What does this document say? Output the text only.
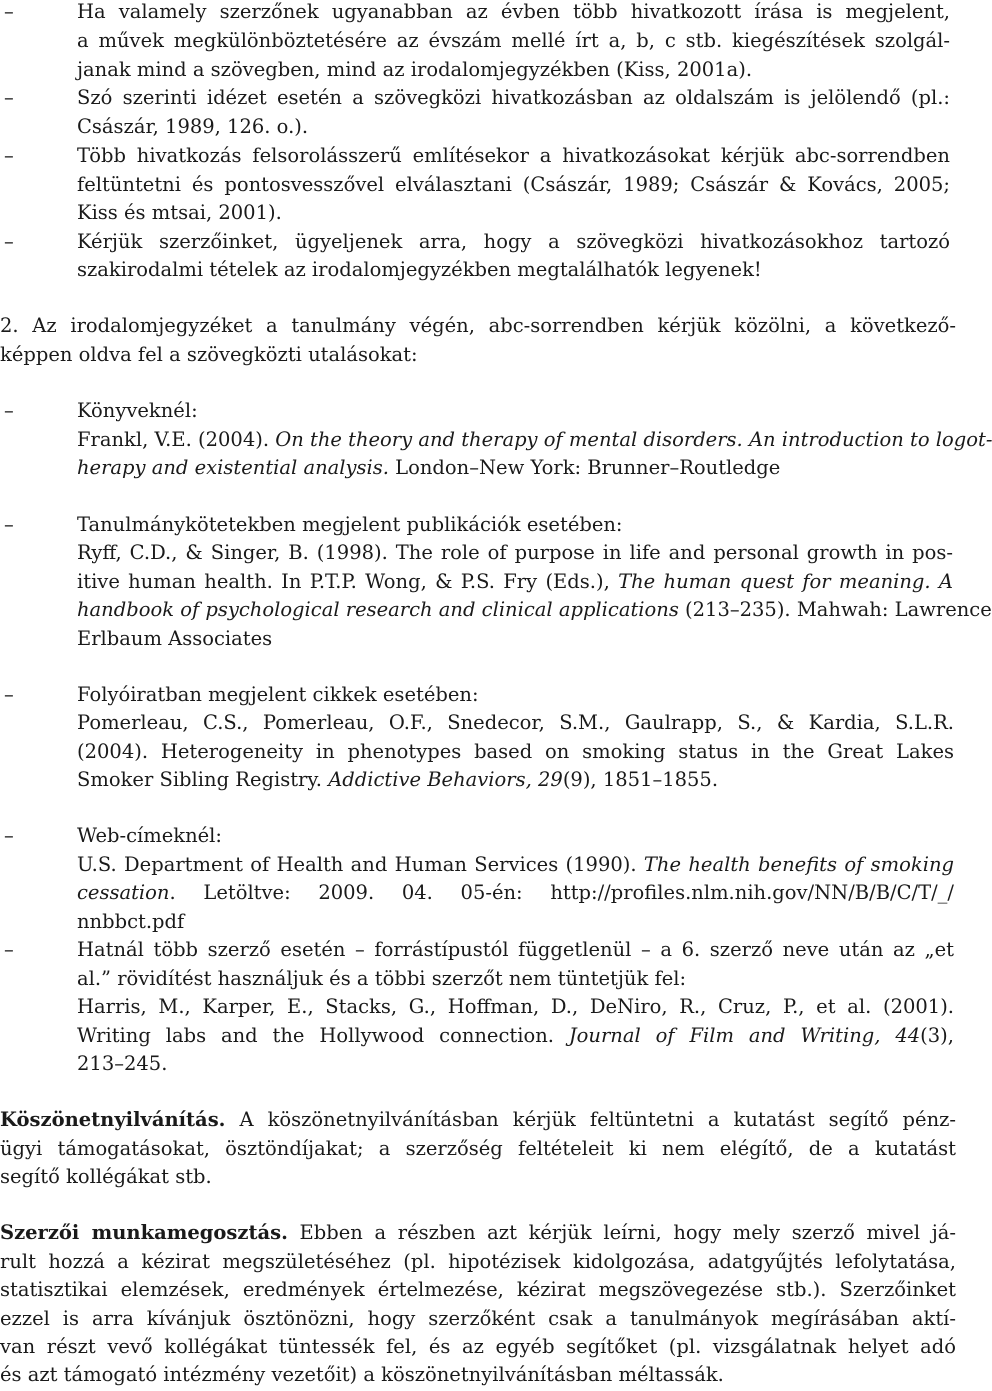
–	Ha valamely szerzőnek ugyanabban az évben több hivatkozott írása is megjelent,
a művek megkülönböztetésére az évszám mellé írt a, b, c stb. kiegészítések szolgál-
janak mind a szövegben, mind az irodalomjegyzékben (Kiss, 2001a).
–	Szó szerinti idézet esetén a szövegközi hivatkozásban az oldalszám is jelölendő (pl.:
Császár, 1989, 126. o.).
–	Több hivatkozás felsorolásszerű említésekor a hivatkozásokat kérjük abc-sorrendben
feltüntetni és pontosvesszővel elválasztani (Császár, 1989; Császár & Kovács, 2005;
Kiss és mtsai, 2001).
–	Kérjük szerzőinket, ügyeljenek arra, hogy a szövegközi hivatkozásokhoz tartozó
szakirodalmi tételek az irodalomjegyzékben megtalálhatók legyenek!
2. Az irodalomjegyzéket a tanulmány végén, abc-sorrendben kérjük közölni, a következő-
képpen oldva fel a szövegközti utalásokat:
–	Könyveknél:
Frankl, V.E. (2004). On the theory and therapy of mental disorders. An introduction to logot-
herapy and existential analysis. London–New York: Brunner–Routledge
–	Tanulmánykötetekben megjelent publikációk esetében:
Ryff, C.D., & Singer, B. (1998). The role of purpose in life and personal growth in pos-
itive human health. In P.T.P. Wong, & P.S. Fry (Eds.), The human quest for meaning. A
handbook of psychological research and clinical applications (213–235). Mahwah: Lawrence
Erlbaum Associates
–	Folyóiratban megjelent cikkek esetében:
Pomerleau, C.S., Pomerleau, O.F., Snedecor, S.M., Gaulrapp, S., & Kardia, S.L.R.
(2004). Heterogeneity in phenotypes based on smoking status in the Great Lakes
Smoker Sibling Registry. Addictive Behaviors, 29(9), 1851–1855.
–	Web-címeknél:
U.S. Department of Health and Human Services (1990). The health benefits of smoking
cessation. Letöltve: 2009. 04. 05-én: http://profiles.nlm.nih.gov/NN/B/B/C/T/_/
nnbbct.pdf
–	Hatnál több szerző esetén – forrástípustól függetlenül – a 6. szerző neve után az „et
al.” rövidítést használjuk és a többi szerzőt nem tüntetjük fel:
Harris, M., Karper, E., Stacks, G., Hoffman, D., DeNiro, R., Cruz, P., et al. (2001).
Writing labs and the Hollywood connection. Journal of Film and Writing, 44(3),
213–245.
Köszönetnyilvánítás. A köszönetnyilvánításban kérjük feltüntetni a kutatást segítő pénz-
ügyi támogatásokat, ösztöndíjakat; a szerzőség feltételeit ki nem elégítő, de a kutatást
segítő kollégákat stb.
Szerzői munkamegosztás. Ebben a részben azt kérjük leírni, hogy mely szerző mivel já-
rult hozzá a kézirat megszületéséhez (pl. hipotézisek kidolgozása, adatgyűjtés lefolytatása,
statisztikai elemzések, eredmények értelmezése, kézirat megszövegezése stb.). Szerzőinket
ezzel is arra kívánjuk ösztönözni, hogy szerzőként csak a tanulmányok megírásában aktí-
van részt vevő kollégákat tüntessék fel, és az egyéb segítőket (pl. vizsgálatnak helyet adó
és azt támogató intézmény vezetőit) a köszönetnyilvánításban méltassák.
